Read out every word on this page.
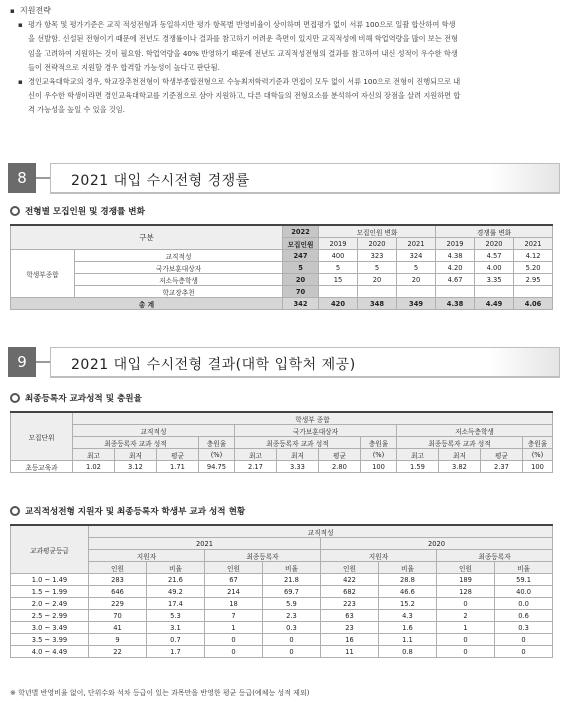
▪ 지원전략
▪ 평가 항목 및 평가기준은 교직 적성전형과 동일하지만 평가 항목별 반영비율이 상이하며 면접평가 없이 서류 100으로 일괄 합산하여 학생
을 선발함. 신설된 전형이기 때문에 전년도 경쟁률이나 결과를 참고하기 어려운 측면이 있지만 교직적성에 비해 학업역량을 많이 보는 전형
임을 고려하여 지원하는 것이 필요함. 학업역량을 40% 반영하기 때문에 전년도 교직적성전형의 결과를 참고하여 내신 성적이 우수한 학생
들이 전략적으로 지원할 경우 합격할 가능성이 높다고 판단됨.
▪ 경인교육대학교의 경우, 학교장추천전형이 학생부종합전형으로 수능최저학력기준과 면접이 모두 없이 서류 100으로 전형이 진행되므로 내
신이 우수한 학생이라면 경인교육대학교를 기준점으로 삼아 지원하고, 다른 대학들의 전형요소를 분석하여 자신의 장점을 살려 지원하면 합
격 가능성을 높일 수 있을 것임.
8	2021 대입 수시전형 경쟁률
전형별 모집인원 및 경쟁률 변화
구분		2022	모집인원 변화			경쟁률 변화		
		모집인원	2019	2020	2021	2019	2020	2021
학생부종합	교직적성	247	400	323	324	4.38	4.57	4.12
	국가보훈대상자	5	5	5	5	4.20	4.00	5.20
	저소득층학생	20	15	20	20	4.67	3.35	2.95
	학교장추천	70						
총 계		342	420	348	349	4.38	4.49	4.06
9	2021 대입 수시전형 결과(대학 입학처 제공)
최종등록자 교과성적 및 충원율
모집단위	학생부 종합											
	교직적성				국가보훈대상자				저소득층학생			
	최종등록자 교과 성적			충원율	최종등록자 교과 성적			충원율	최종등록자 교과 성적			충원율
	최고	최저	평균	(%)	최고	최저	평균	(%)	최고	최저	평균	(%)
초등교육과	1.02	3.12	1.71	94.75	2.17	3.33	2.80	100	1.59	3.82	2.37	100
교직적성전형 지원자 및 최종등록자 학생부 교과 성적 현황
교과평균등급	교직적성							
	2021				2020			
	지원자		최종등록자		지원자		최종등록자	
	인원	비율	인원	비율	인원	비율	인원	비율
1.0 ~ 1.49	283	21.6	67	21.8	422	28.8	189	59.1
1.5 ~ 1.99	646	49.2	214	69.7	682	46.6	128	40.0
2.0 ~ 2.49	229	17.4	18	5.9	223	15.2	0	0.0
2.5 ~ 2.99	70	5.3	7	2.3	63	4.3	2	0.6
3.0 ~ 3.49	41	3.1	1	0.3	23	1.6	1	0.3
3.5 ~ 3.99	9	0.7	0	0	16	1.1	0	0
4.0 ~ 4.49	22	1.7	0	0	11	0.8	0	0
※ 학년별 반영비율 없이, 단위수와 석차 등급이 있는 과목만을 반영한 평균 등급(예체능 성적 제외)
